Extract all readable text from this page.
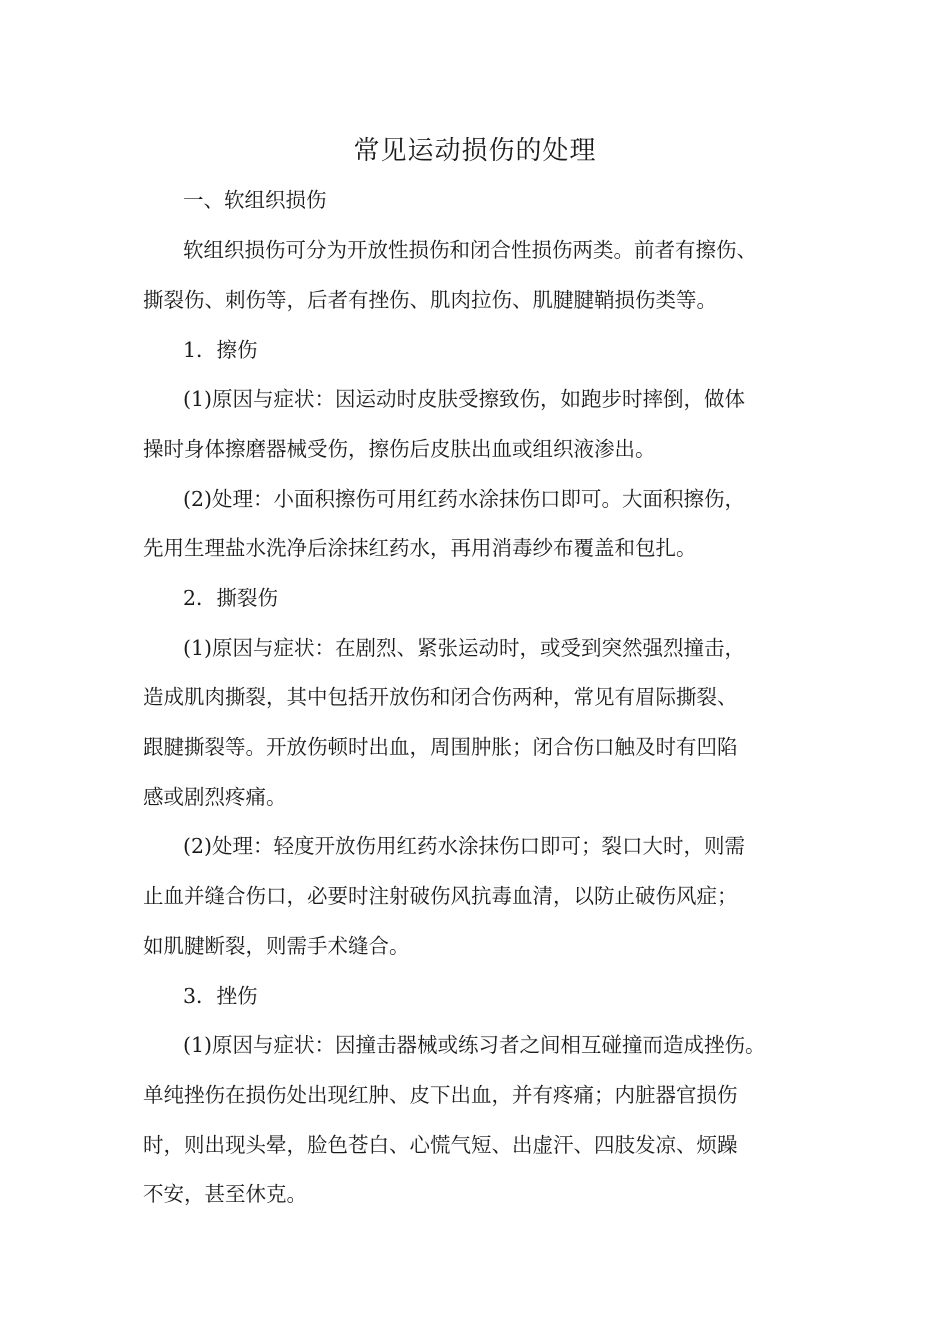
常见运动损伤的处理
一、软组织损伤
软组织损伤可分为开放性损伤和闭合性损伤两类。前者有擦伤、
撕裂伤、刺伤等，后者有挫伤、肌肉拉伤、肌腱腱鞘损伤类等。
1．擦伤
(1)原因与症状：因运动时皮肤受擦致伤，如跑步时摔倒，做体
操时身体擦磨器械受伤，擦伤后皮肤出血或组织液渗出。
(2)处理：小面积擦伤可用红药水涂抹伤口即可。大面积擦伤，
先用生理盐水洗净后涂抹红药水，再用消毒纱布覆盖和包扎。
2．撕裂伤
(1)原因与症状：在剧烈、紧张运动时，或受到突然强烈撞击，
造成肌肉撕裂，其中包括开放伤和闭合伤两种，常见有眉际撕裂、
跟腱撕裂等。开放伤顿时出血，周围肿胀；闭合伤口触及时有凹陷
感或剧烈疼痛。
(2)处理：轻度开放伤用红药水涂抹伤口即可；裂口大时，则需
止血并缝合伤口，必要时注射破伤风抗毒血清，以防止破伤风症；
如肌腱断裂，则需手术缝合。
3．挫伤
(1)原因与症状：因撞击器械或练习者之间相互碰撞而造成挫伤。
单纯挫伤在损伤处出现红肿、皮下出血，并有疼痛；内脏器官损伤
时，则出现头晕，脸色苍白、心慌气短、出虚汗、四肢发凉、烦躁
不安，甚至休克。
